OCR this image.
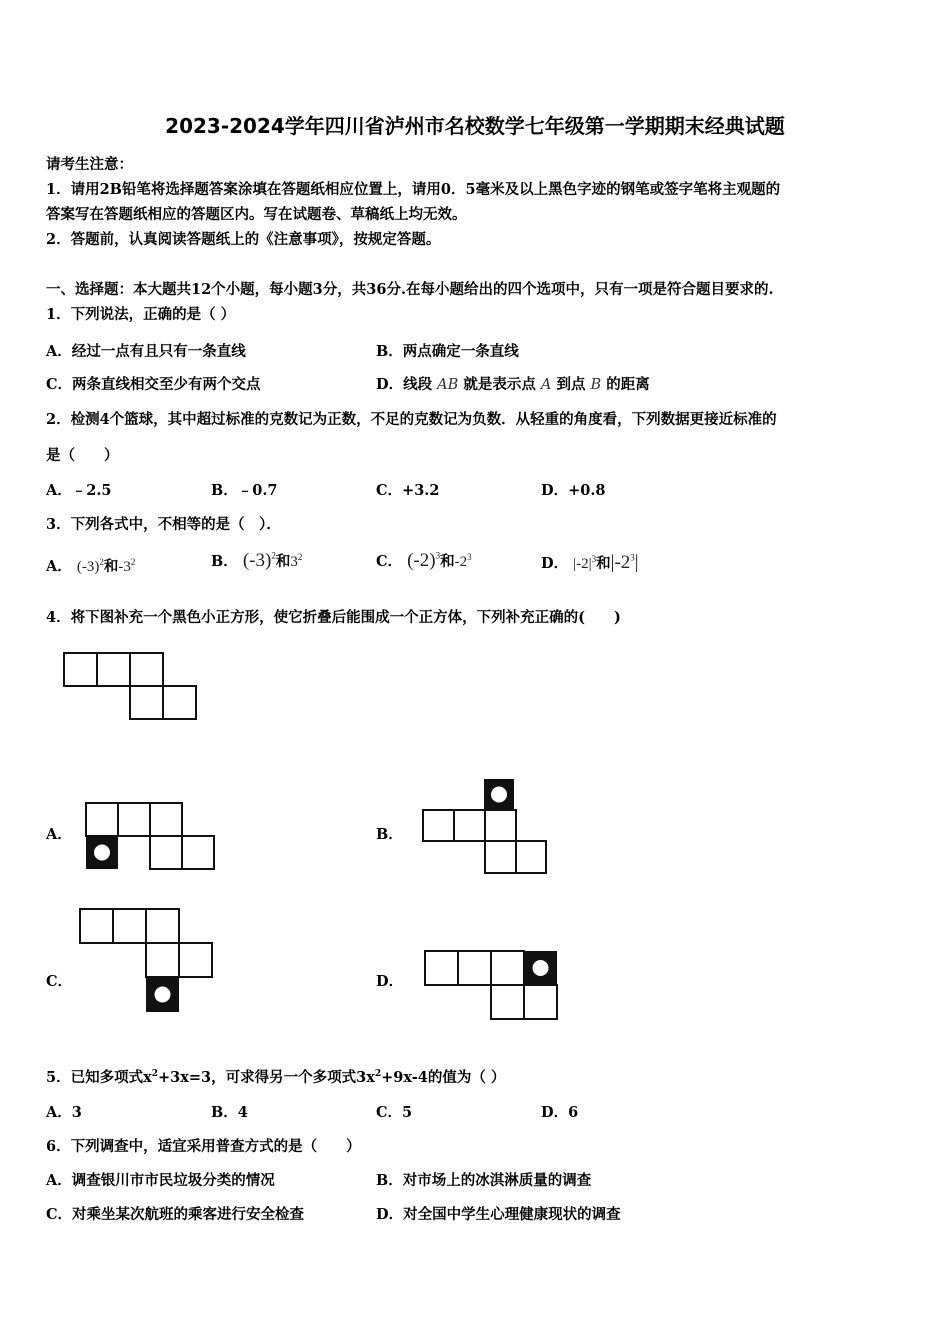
2023-2024学年四川省泸州市名校数学七年级第一学期期末经典试题
请考生注意：
1．请用2B铅笔将选择题答案涂填在答题纸相应位置上，请用0．5毫米及以上黑色字迹的钢笔或签字笔将主观题的
答案写在答题纸相应的答题区内。写在试题卷、草稿纸上均无效。
2．答题前，认真阅读答题纸上的《注意事项》，按规定答题。
一、选择题：本大题共12个小题，每小题3分，共36分.在每小题给出的四个选项中，只有一项是符合题目要求的.
1．下列说法，正确的是（ ）
A．经过一点有且只有一条直线	B．两点确定一条直线
C．两条直线相交至少有两个交点	D．线段 AB 就是表示点 A 到点 B 的距离
2．检测4个篮球，其中超过标准的克数记为正数，不足的克数记为负数．从轻重的角度看，下列数据更接近标准的
是（　　）
A．﹣2.5	B．﹣0.7	C．+3.2	D．+0.8
3．下列各式中，不相等的是（　）．
A． $(-3)^2$和$-3^2$	B． $(-3)^2$和$3^2$	C． $(-2)^3$和$-2^3$	D． $|-2|^3$和$|-2^3|$
4．将下图补充一个黑色小正方形，使它折叠后能围成一个正方体，下列补充正确的(　　)
A．	B．
C．	D．
5．已知多项式$x^2+3x=3$，可求得另一个多项式$3x^2+9x-4$的值为（ ）
A．3	B．4	C．5	D．6
6．下列调查中，适宜采用普查方式的是（　　）
A．调查银川市市民垃圾分类的情况	B．对市场上的冰淇淋质量的调查
C．对乘坐某次航班的乘客进行安全检查	D．对全国中学生心理健康现状的调查
